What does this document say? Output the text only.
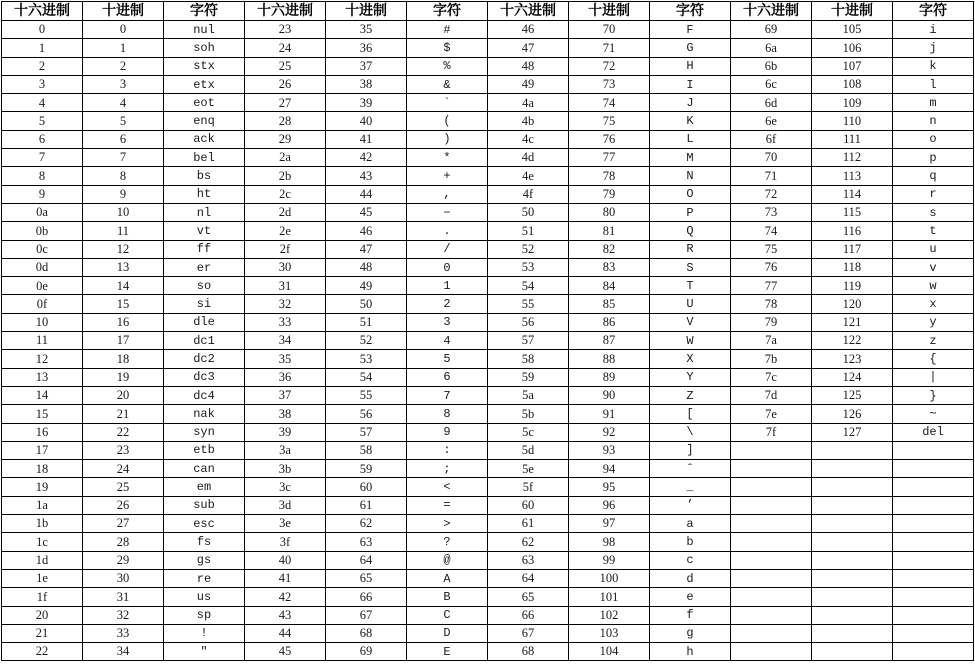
十六进制	十进制	字符	十六进制	十进制	字符	十六进制	十进制	字符	十六进制	十进制	字符
0	0	nul	23	35	#	46	70	F	69	105	i
1	1	soh	24	36	$	47	71	G	6a	106	j
2	2	stx	25	37	%	48	72	H	6b	107	k
3	3	etx	26	38	&	49	73	I	6c	108	l
4	4	eot	27	39	`	4a	74	J	6d	109	m
5	5	enq	28	40	(	4b	75	K	6e	110	n
6	6	ack	29	41	)	4c	76	L	6f	111	o
7	7	bel	2a	42	*	4d	77	M	70	112	p
8	8	bs	2b	43	+	4e	78	N	71	113	q
9	9	ht	2c	44	,	4f	79	O	72	114	r
0a	10	nl	2d	45	−	50	80	P	73	115	s
0b	11	vt	2e	46	.	51	81	Q	74	116	t
0c	12	ff	2f	47	/	52	82	R	75	117	u
0d	13	er	30	48	0	53	83	S	76	118	v
0e	14	so	31	49	1	54	84	T	77	119	w
0f	15	si	32	50	2	55	85	U	78	120	x
10	16	dle	33	51	3	56	86	V	79	121	y
11	17	dc1	34	52	4	57	87	W	7a	122	z
12	18	dc2	35	53	5	58	88	X	7b	123	{
13	19	dc3	36	54	6	59	89	Y	7c	124	|
14	20	dc4	37	55	7	5a	90	Z	7d	125	}
15	21	nak	38	56	8	5b	91	[	7e	126	~
16	22	syn	39	57	9	5c	92	\	7f	127	del
17	23	etb	3a	58	:	5d	93	]			
18	24	can	3b	59	;	5e	94	ˆ			
19	25	em	3c	60	<	5f	95	_			
1a	26	sub	3d	61	=	60	96	’			
1b	27	esc	3e	62	>	61	97	a			
1c	28	fs	3f	63	?	62	98	b			
1d	29	gs	40	64	@	63	99	c			
1e	30	re	41	65	A	64	100	d			
1f	31	us	42	66	B	65	101	e			
20	32	sp	43	67	C	66	102	f			
21	33	!	44	68	D	67	103	g			
22	34	″	45	69	E	68	104	h			
